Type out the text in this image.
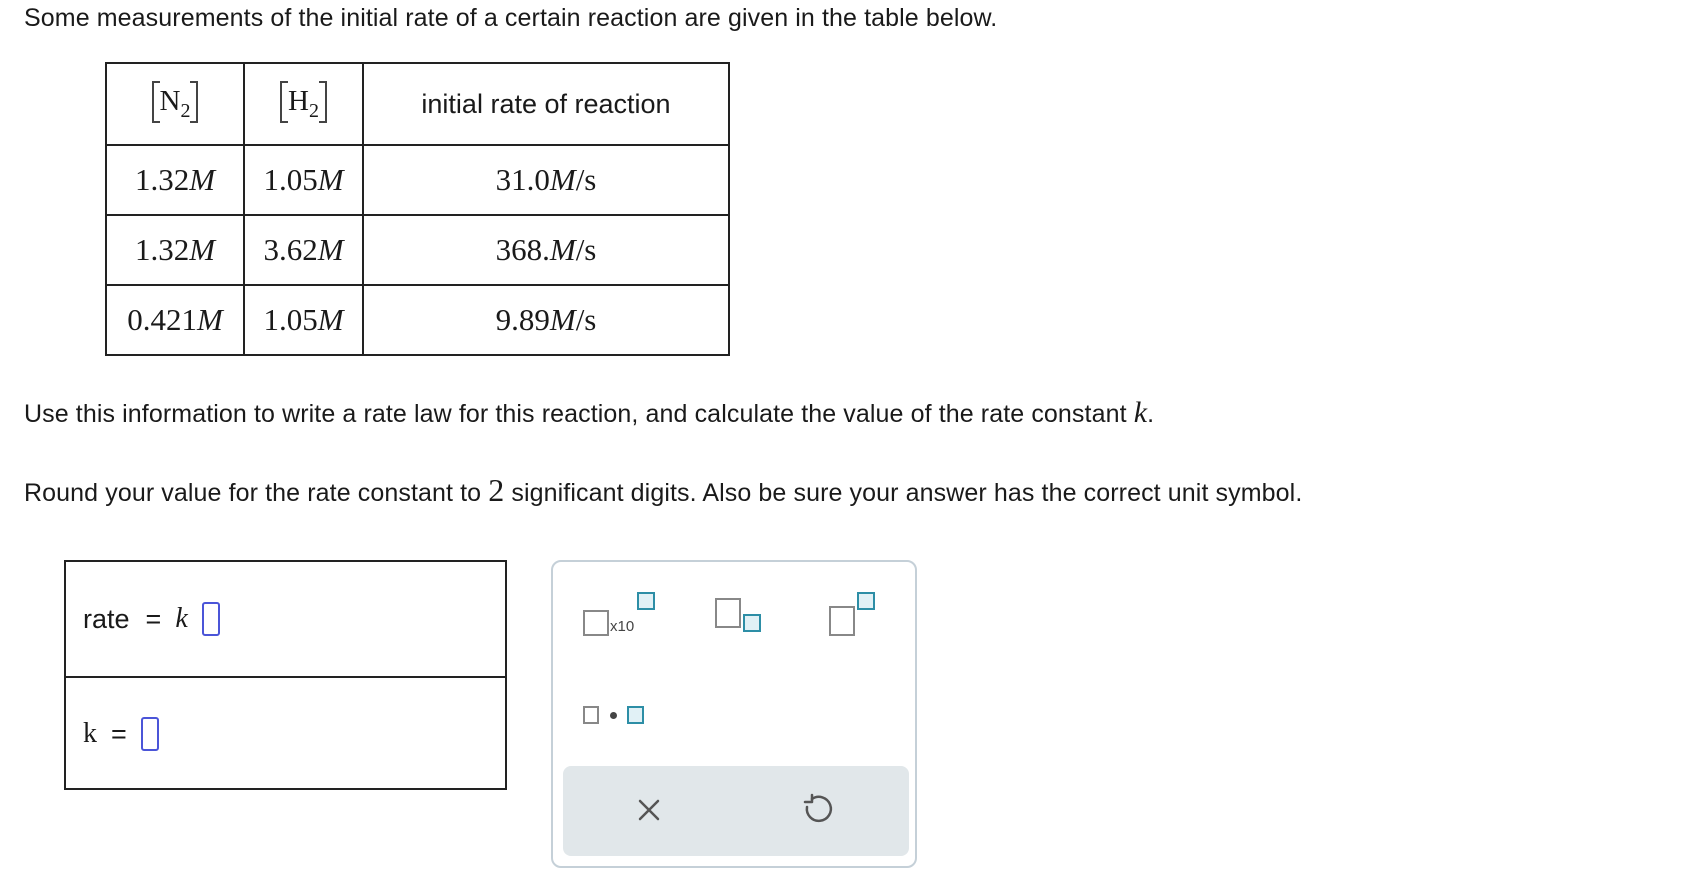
Some measurements of the initial rate of a certain reaction are given in the table below.

N 2	H 2	initial rate of reaction
1.32M	1.05M	31.0M/s
1.32M	3.62M	368.M/s
0.421M	1.05M	9.89M/s

Use this information to write a rate law for this reaction, and calculate the value of the rate constant k.

Round your value for the rate constant to 2 significant digits. Also be sure your answer has the correct unit symbol.

rate = k
k =
x10
